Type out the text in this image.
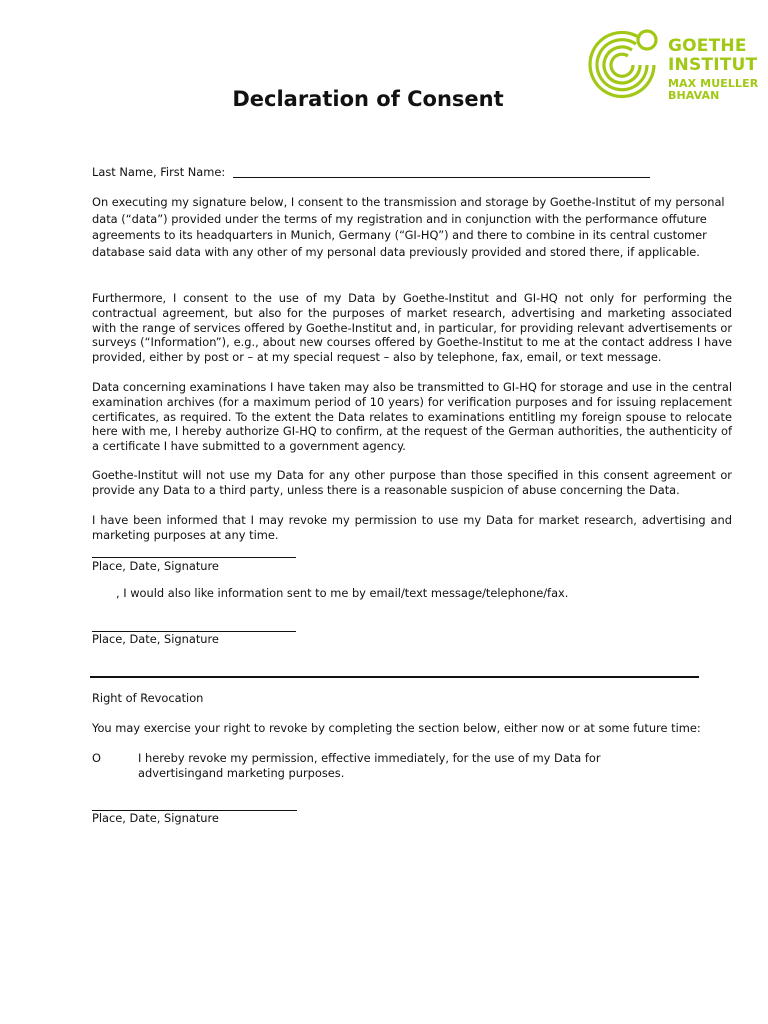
GOETHE
INSTITUT
MAX MUELLER
BHAVAN
Declaration of Consent

Last Name, First Name:

On executing my signature below, I consent to the transmission and storage by Goethe-Institut of my personal data (“data”) provided under the terms of my registration and in conjunction with the performance offuture agreements to its headquarters in Munich, Germany (“GI-HQ”) and there to combine in its central customer database said data with any other of my personal data previously provided and stored there, if applicable.

Furthermore, I consent to the use of my Data by Goethe-Institut and GI-HQ not only for performing the contractual agreement, but also for the purposes of market research, advertising and marketing associated with the range of services offered by Goethe-Institut and, in particular, for providing relevant advertisements or surveys (“Information”), e.g., about new courses offered by Goethe-Institut to me at the contact address I have provided, either by post or – at my special request – also by telephone, fax, email, or text message.

Data concerning examinations I have taken may also be transmitted to GI-HQ for storage and use in the central examination archives (for a maximum period of 10 years) for verification purposes and for issuing replacement certificates, as required. To the extent the Data relates to examinations entitling my foreign spouse to relocate here with me, I hereby authorize GI-HQ to confirm, at the request of the German authorities, the authenticity of a certificate I have submitted to a government agency.

Goethe-Institut will not use my Data for any other purpose than those specified in this consent agreement or provide any Data to a third party, unless there is a reasonable suspicion of abuse concerning the Data.

I have been informed that I may revoke my permission to use my Data for market research, advertising and marketing purposes at any time.

Place, Date, Signature

, I would also like information sent to me by email/text message/telephone/fax.

Place, Date, Signature

Right of Revocation

You may exercise your right to revoke by completing the section below, either now or at some future time:

O	I hereby revoke my permission, effective immediately, for the use of my Data for

advertisingand marketing purposes.

Place, Date, Signature
